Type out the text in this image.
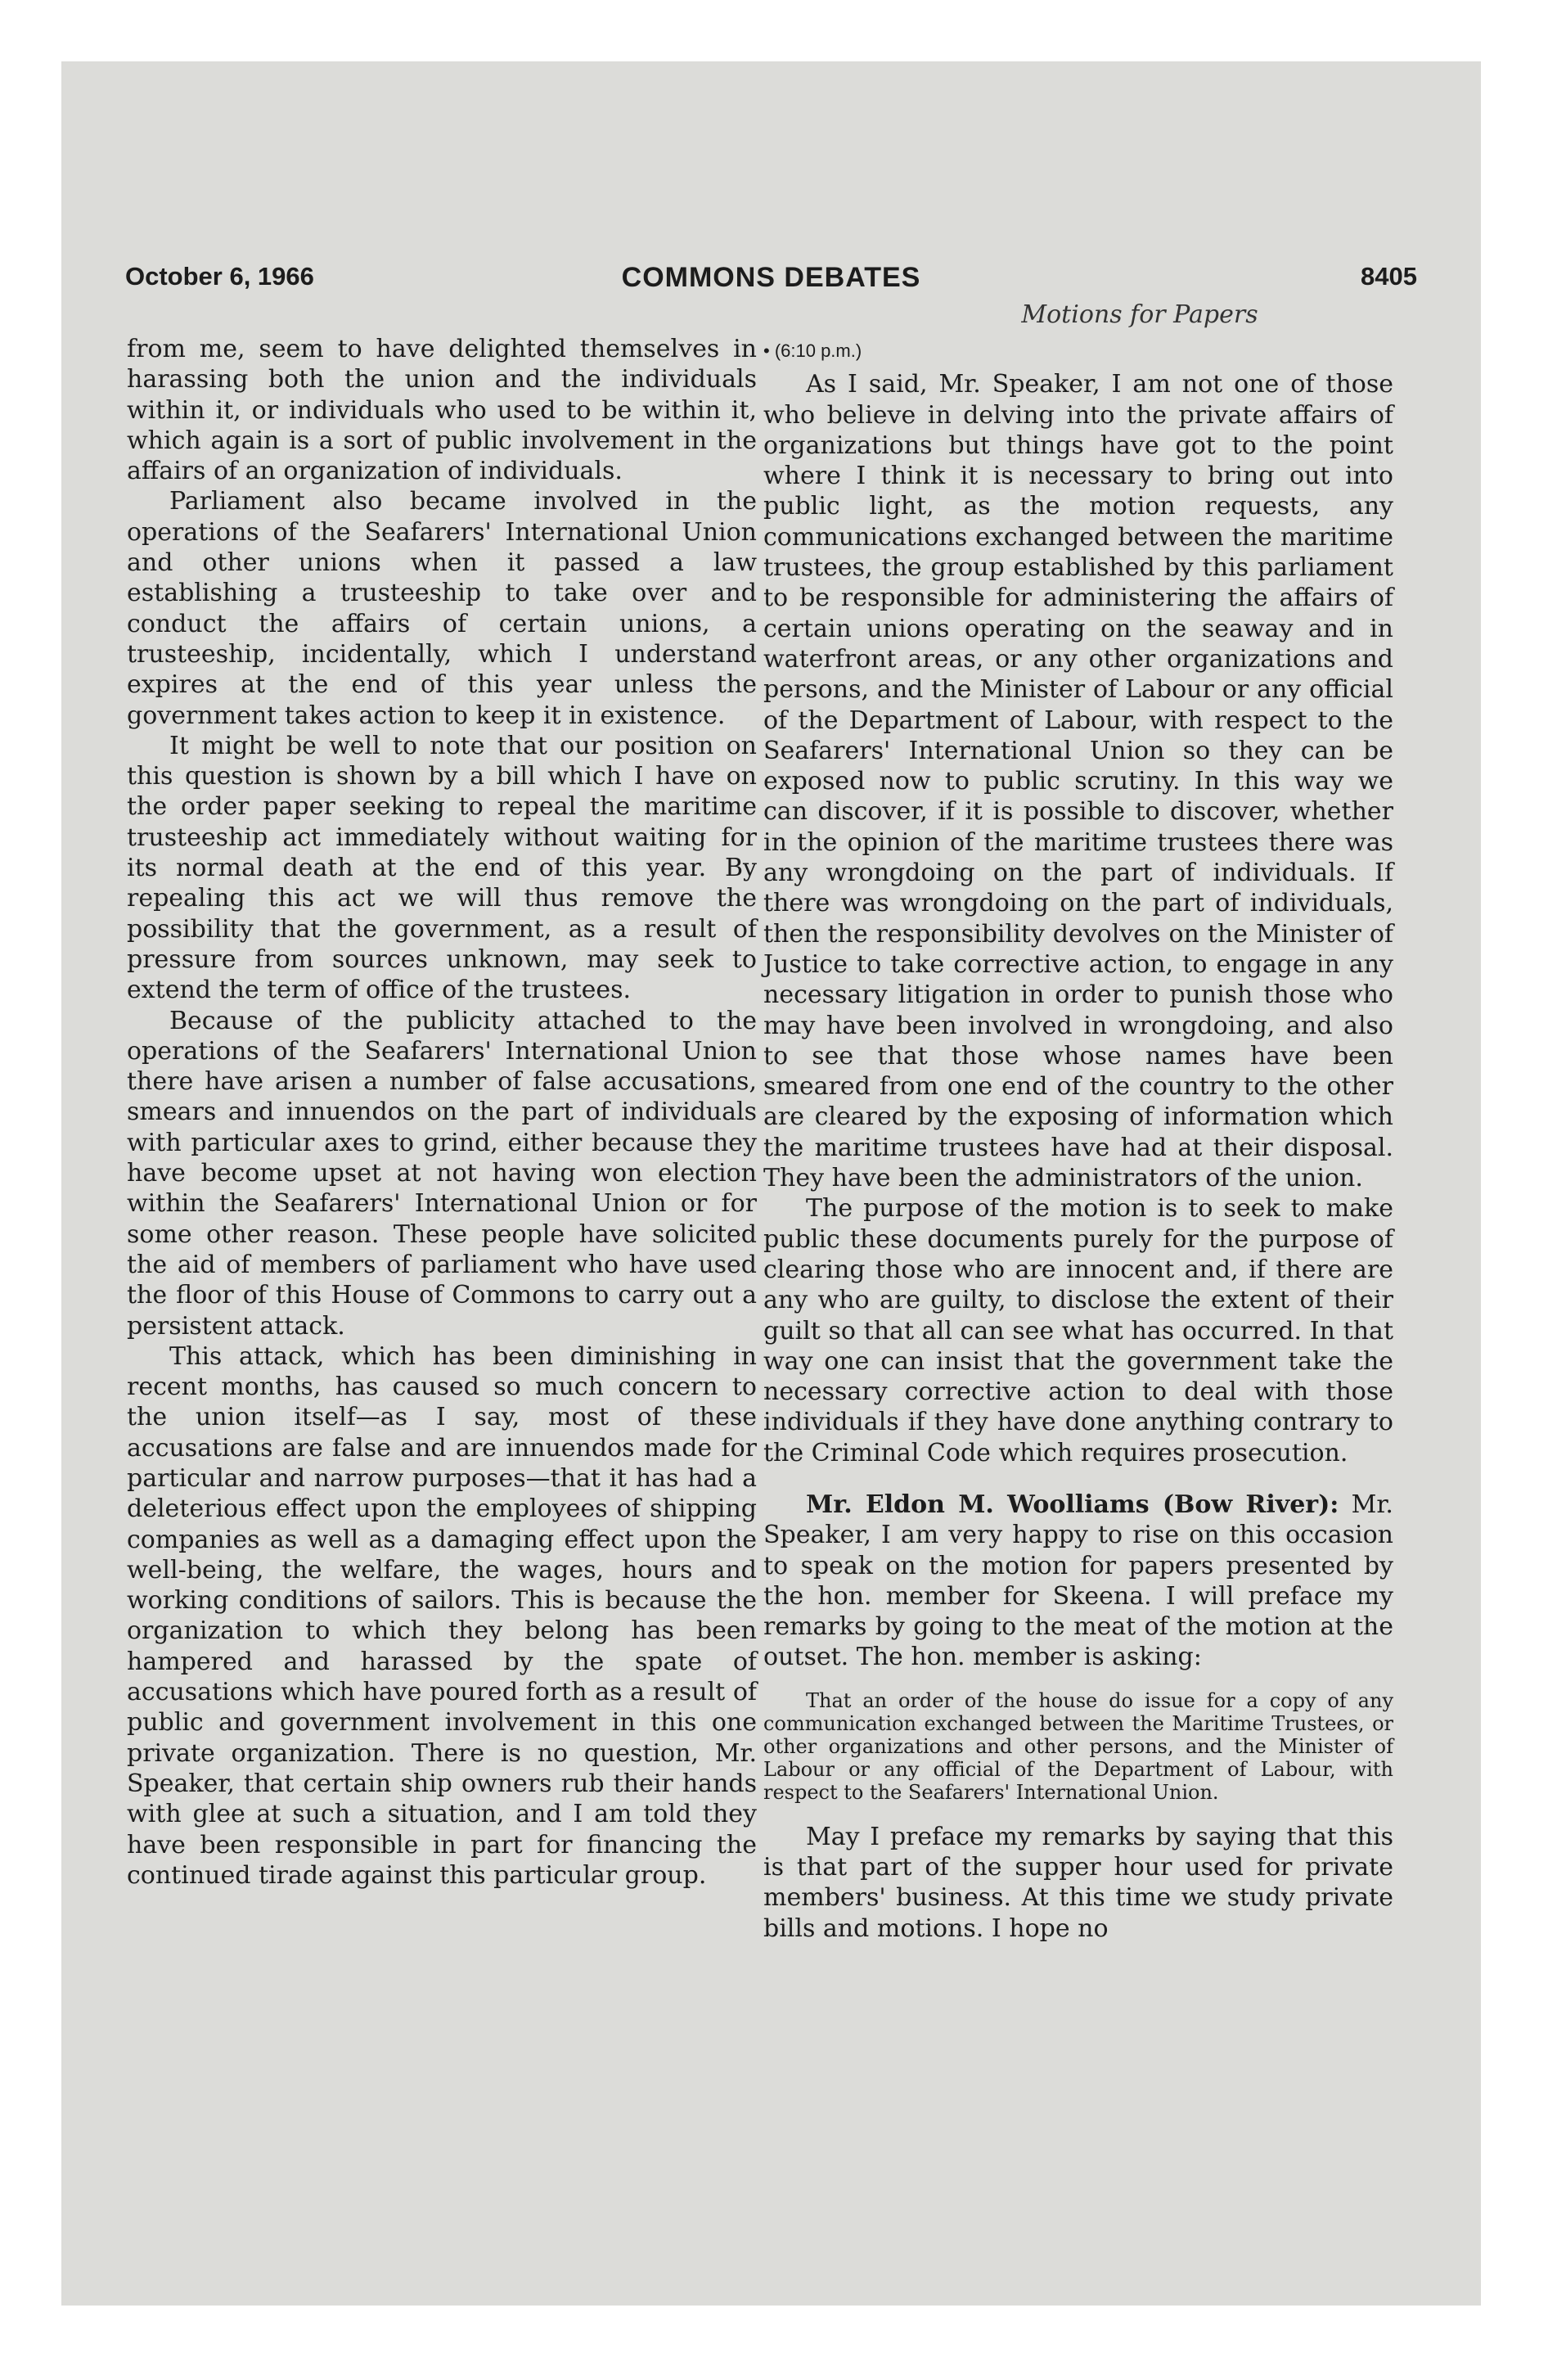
October 6, 1966	COMMONS DEBATES	8405
Motions for Papers

from me, seem to have delighted themselves in harassing both the union and the individuals within it, or individuals who used to be within it, which again is a sort of public involvement in the affairs of an organization of individuals.

Parliament also became involved in the operations of the Seafarers' International Union and other unions when it passed a law establishing a trusteeship to take over and conduct the affairs of certain unions, a trusteeship, incidentally, which I understand expires at the end of this year unless the government takes action to keep it in existence.

It might be well to note that our position on this question is shown by a bill which I have on the order paper seeking to repeal the maritime trusteeship act immediately without waiting for its normal death at the end of this year. By repealing this act we will thus remove the possibility that the government, as a result of pressure from sources unknown, may seek to extend the term of office of the trustees.

Because of the publicity attached to the operations of the Seafarers' International Union there have arisen a number of false accusations, smears and innuendos on the part of individuals with particular axes to grind, either because they have become upset at not having won election within the Seafarers' International Union or for some other reason. These people have solicited the aid of members of parliament who have used the floor of this House of Commons to carry out a persistent attack.

This attack, which has been diminishing in recent months, has caused so much concern to the union itself—as I say, most of these accusations are false and are innuendos made for particular and narrow purposes—that it has had a deleterious effect upon the employees of shipping companies as well as a damaging effect upon the well-being, the welfare, the wages, hours and working conditions of sailors. This is because the organization to which they belong has been hampered and harassed by the spate of accusations which have poured forth as a result of public and government involvement in this one private organization. There is no question, Mr. Speaker, that certain ship owners rub their hands with glee at such a situation, and I am told they have been responsible in part for financing the continued tirade against this particular group.

• (6:10 p.m.)

As I said, Mr. Speaker, I am not one of those who believe in delving into the private affairs of organizations but things have got to the point where I think it is necessary to bring out into public light, as the motion requests, any communications exchanged between the maritime trustees, the group established by this parliament to be responsible for administering the affairs of certain unions operating on the seaway and in waterfront areas, or any other organizations and persons, and the Minister of Labour or any official of the Department of Labour, with respect to the Seafarers' International Union so they can be exposed now to public scrutiny. In this way we can discover, if it is possible to discover, whether in the opinion of the maritime trustees there was any wrongdoing on the part of individuals. If there was wrongdoing on the part of individuals, then the responsibility devolves on the Minister of Justice to take corrective action, to engage in any necessary litigation in order to punish those who may have been involved in wrongdoing, and also to see that those whose names have been smeared from one end of the country to the other are cleared by the exposing of information which the maritime trustees have had at their disposal. They have been the administrators of the union.

The purpose of the motion is to seek to make public these documents purely for the purpose of clearing those who are innocent and, if there are any who are guilty, to disclose the extent of their guilt so that all can see what has occurred. In that way one can insist that the government take the necessary corrective action to deal with those individuals if they have done anything contrary to the Criminal Code which requires prosecution.

Mr. Eldon M. Woolliams (Bow River): Mr. Speaker, I am very happy to rise on this occasion to speak on the motion for papers presented by the hon. member for Skeena. I will preface my remarks by going to the meat of the motion at the outset. The hon. member is asking:

That an order of the house do issue for a copy of any communication exchanged between the Maritime Trustees, or other organizations and other persons, and the Minister of Labour or any official of the Department of Labour, with respect to the Seafarers' International Union.

May I preface my remarks by saying that this is that part of the supper hour used for private members' business. At this time we study private bills and motions. I hope no
